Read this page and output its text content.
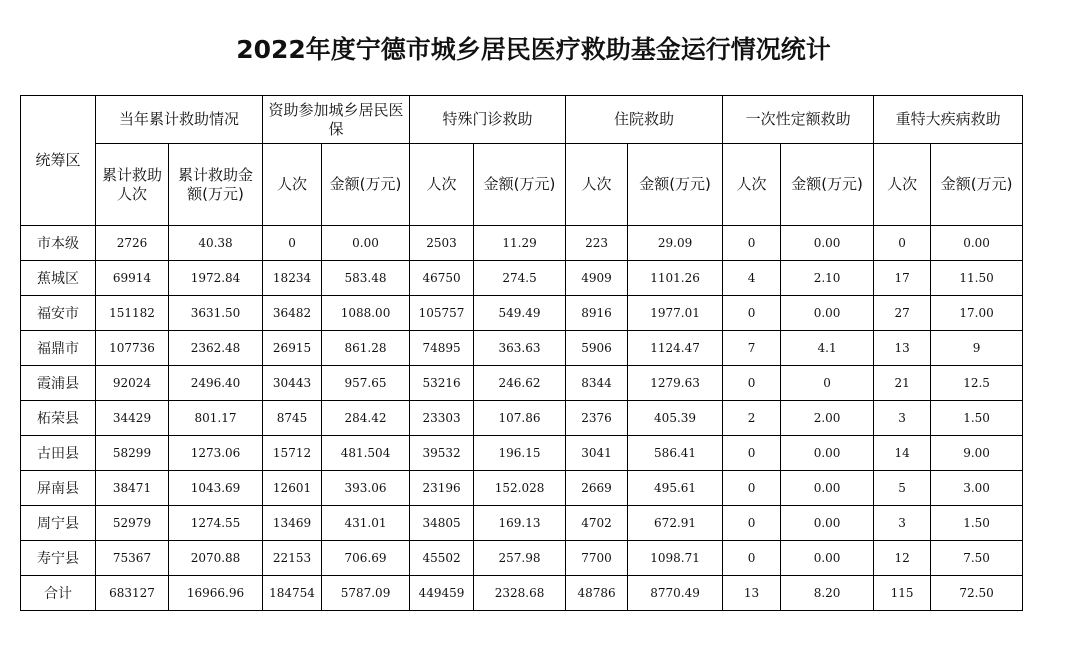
2022年度宁德市城乡居民医疗救助基金运行情况统计
统筹区	当年累计救助情况		资助参加城乡居民医保		特殊门诊救助		住院救助		一次性定额救助		重特大疾病救助	
	累计救助人次	累计救助金额(万元)	人次	金额(万元)	人次	金额(万元)	人次	金额(万元)	人次	金额(万元)	人次	金额(万元)
市本级	2726	40.38	0	0.00	2503	11.29	223	29.09	0	0.00	0	0.00
蕉城区	69914	1972.84	18234	583.48	46750	274.5	4909	1101.26	4	2.10	17	11.50
福安市	151182	3631.50	36482	1088.00	105757	549.49	8916	1977.01	0	0.00	27	17.00
福鼎市	107736	2362.48	26915	861.28	74895	363.63	5906	1124.47	7	4.1	13	9
霞浦县	92024	2496.40	30443	957.65	53216	246.62	8344	1279.63	0	0	21	12.5
柘荣县	34429	801.17	8745	284.42	23303	107.86	2376	405.39	2	2.00	3	1.50
古田县	58299	1273.06	15712	481.504	39532	196.15	3041	586.41	0	0.00	14	9.00
屏南县	38471	1043.69	12601	393.06	23196	152.028	2669	495.61	0	0.00	5	3.00
周宁县	52979	1274.55	13469	431.01	34805	169.13	4702	672.91	0	0.00	3	1.50
寿宁县	75367	2070.88	22153	706.69	45502	257.98	7700	1098.71	0	0.00	12	7.50
合计	683127	16966.96	184754	5787.09	449459	2328.68	48786	8770.49	13	8.20	115	72.50
